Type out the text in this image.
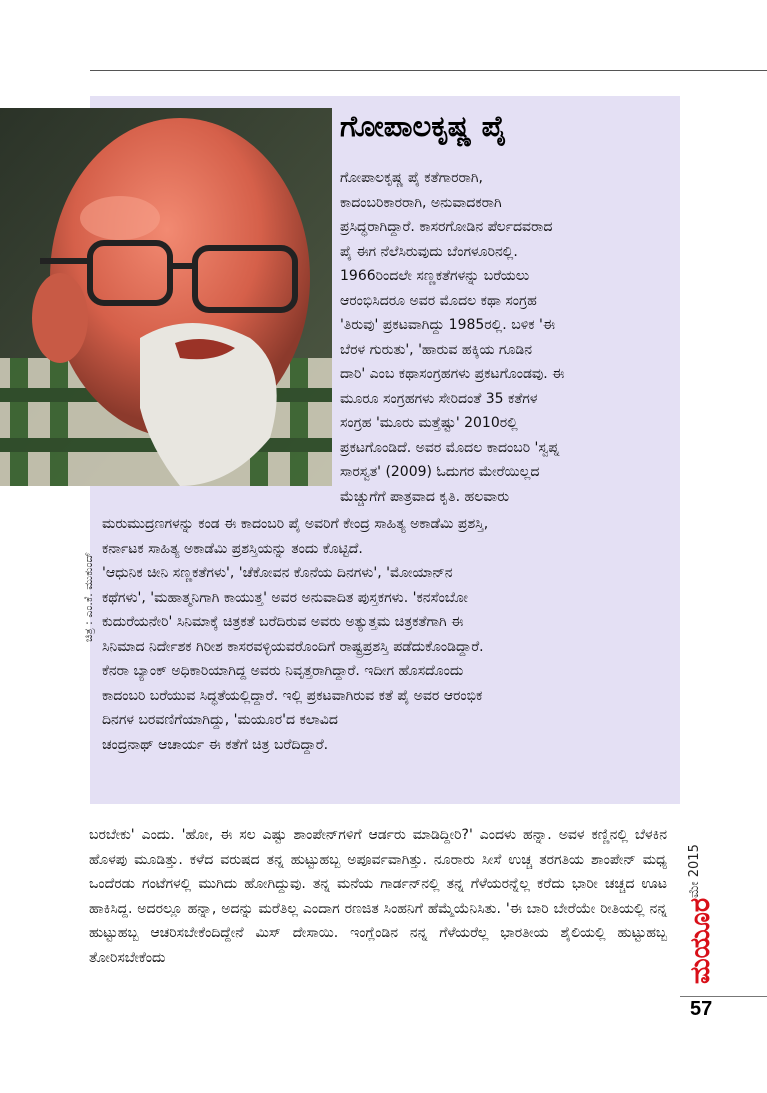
ಚಿತ್ರ : ಎಂ.ಕೆ. ಮುಕುಂದ್
ಗೋಪಾಲಕೃಷ್ಣ ಪೈ
ಗೋಪಾಲಕೃಷ್ಣ ಪೈ ಕತೆಗಾರರಾಗಿ,
ಕಾದಂಬರಿಕಾರರಾಗಿ, ಅನುವಾದಕರಾಗಿ
ಪ್ರಸಿದ್ಧರಾಗಿದ್ದಾರೆ. ಕಾಸರಗೋಡಿನ ಪೆರ್ಲದವರಾದ
ಪೈ ಈಗ ನೆಲೆಸಿರುವುದು ಬೆಂಗಳೂರಿನಲ್ಲಿ.
1966ರಿಂದಲೇ ಸಣ್ಣಕತೆಗಳನ್ನು ಬರೆಯಲು
ಆರಂಭಿಸಿದರೂ ಅವರ ಮೊದಲ ಕಥಾ ಸಂಗ್ರಹ
'ತಿರುವು' ಪ್ರಕಟವಾಗಿದ್ದು 1985ರಲ್ಲಿ. ಬಳಿಕ 'ಈ
ಬೆರಳ ಗುರುತು', 'ಹಾರುವ ಹಕ್ಕಿಯ ಗೂಡಿನ
ದಾರಿ' ಎಂಬ ಕಥಾಸಂಗ್ರಹಗಳು ಪ್ರಕಟಗೊಂಡವು. ಈ
ಮೂರೂ ಸಂಗ್ರಹಗಳು ಸೇರಿದಂತೆ 35 ಕತೆಗಳ
ಸಂಗ್ರಹ 'ಮೂರು ಮತ್ತೆಷ್ಟು' 2010ರಲ್ಲಿ
ಪ್ರಕಟಗೊಂಡಿದೆ. ಅವರ ಮೊದಲ ಕಾದಂಬರಿ 'ಸ್ವಪ್ನ
ಸಾರಸ್ವತ' (2009) ಓದುಗರ ಮೇರೆಯಿಲ್ಲದ
ಮೆಚ್ಚುಗೆಗೆ ಪಾತ್ರವಾದ ಕೃತಿ. ಹಲವಾರು
ಮರುಮುದ್ರಣಗಳನ್ನು ಕಂಡ ಈ ಕಾದಂಬರಿ ಪೈ ಅವರಿಗೆ ಕೇಂದ್ರ ಸಾಹಿತ್ಯ ಅಕಾಡೆಮಿ ಪ್ರಶಸ್ತಿ,
ಕರ್ನಾಟಕ ಸಾಹಿತ್ಯ ಅಕಾಡೆಮಿ ಪ್ರಶಸ್ತಿಯನ್ನು ತಂದು ಕೊಟ್ಟಿದೆ.
'ಆಧುನಿಕ ಚೀನಿ ಸಣ್ಣಕತೆಗಳು', 'ಚೆಕೋವನ ಕೊನೆಯ ದಿನಗಳು', 'ಮೋಯಾನ್‌ನ
ಕಥೆಗಳು', 'ಮಹಾತ್ಮನಿಗಾಗಿ ಕಾಯುತ್ತ' ಅವರ ಅನುವಾದಿತ ಪುಸ್ತಕಗಳು. 'ಕನಸೆಂಬೋ
ಕುದುರೆಯನೇರಿ' ಸಿನಿಮಾಕ್ಕೆ ಚಿತ್ರಕತೆ ಬರೆದಿರುವ ಅವರು ಅತ್ಯುತ್ತಮ ಚಿತ್ರಕತೆಗಾಗಿ ಈ
ಸಿನಿಮಾದ ನಿರ್ದೇಶಕ ಗಿರೀಶ ಕಾಸರವಳ್ಳಿಯವರೊಂದಿಗೆ ರಾಷ್ಟ್ರಪ್ರಶಸ್ತಿ ಪಡೆದುಕೊಂಡಿದ್ದಾರೆ.
ಕೆನರಾ ಬ್ಯಾಂಕ್ ಅಧಿಕಾರಿಯಾಗಿದ್ದ ಅವರು ನಿವೃತ್ತರಾಗಿದ್ದಾರೆ. ಇದೀಗ ಹೊಸದೊಂದು
ಕಾದಂಬರಿ ಬರೆಯುವ ಸಿದ್ಧತೆಯಲ್ಲಿದ್ದಾರೆ. ಇಲ್ಲಿ ಪ್ರಕಟವಾಗಿರುವ ಕತೆ ಪೈ ಅವರ ಆರಂಭಿಕ
ದಿನಗಳ ಬರವಣಿಗೆಯಾಗಿದ್ದು, 'ಮಯೂರ'ದ ಕಲಾವಿದ
ಚಂದ್ರನಾಥ್ ಆಚಾರ್ಯ ಈ ಕತೆಗೆ ಚಿತ್ರ ಬರೆದಿದ್ದಾರೆ.
ಬರಬೇಕು' ಎಂದು. 'ಹೋ, ಈ ಸಲ ಎಷ್ಟು ಶಾಂಪೇನ್‌ಗಳಿಗೆ ಆರ್ಡರು ಮಾಡಿದ್ದೀರಿ?' ಎಂದಳು ಹನ್ನಾ. ಅವಳ ಕಣ್ಣಿನಲ್ಲಿ ಬೆಳಕಿನ ಹೊಳಪು ಮೂಡಿತ್ತು. ಕಳೆದ ವರುಷದ ತನ್ನ ಹುಟ್ಟುಹಬ್ಬ ಅಪೂರ್ವವಾಗಿತ್ತು. ನೂರಾರು ಸೀಸೆ ಉಚ್ಚ ತರಗತಿಯ ಶಾಂಪೇನ್ ಮಧ್ಯ ಒಂದೆರಡು ಗಂಟೆಗಳಲ್ಲಿ ಮುಗಿದು ಹೋಗಿದ್ದುವು. ತನ್ನ ಮನೆಯ ಗಾರ್ಡನ್‌ನಲ್ಲಿ ತನ್ನ ಗೆಳೆಯರನ್ನೆಲ್ಲ ಕರೆದು ಭಾರೀ ಚಚ್ಚದ ಊಟ ಹಾಕಿಸಿದ್ದ. ಅದರಲ್ಲೂ ಹನ್ನಾ, ಅದನ್ನು ಮರೆತಿಲ್ಲ ಎಂದಾಗ ರಣಜಿತ ಸಿಂಹನಿಗೆ ಹೆಮ್ಮೆಯೆನಿಸಿತು. 'ಈ ಬಾರಿ ಬೇರೆಯೇ ರೀತಿಯಲ್ಲಿ ನನ್ನ ಹುಟ್ಟುಹಬ್ಬ ಆಚರಿಸಬೇಕೆಂದಿದ್ದೇನೆ ಮಿಸ್ ದೇಸಾಯಿ. ಇಂಗ್ಲೆಂಡಿನ ನನ್ನ ಗೆಳೆಯರೆಲ್ಲ ಭಾರತೀಯ ಶೈಲಿಯಲ್ಲಿ ಹುಟ್ಟುಹಬ್ಬ ತೋರಿಸಬೇಕೆಂದು
ಮೇ 2015
ಮಯೂರ
57
